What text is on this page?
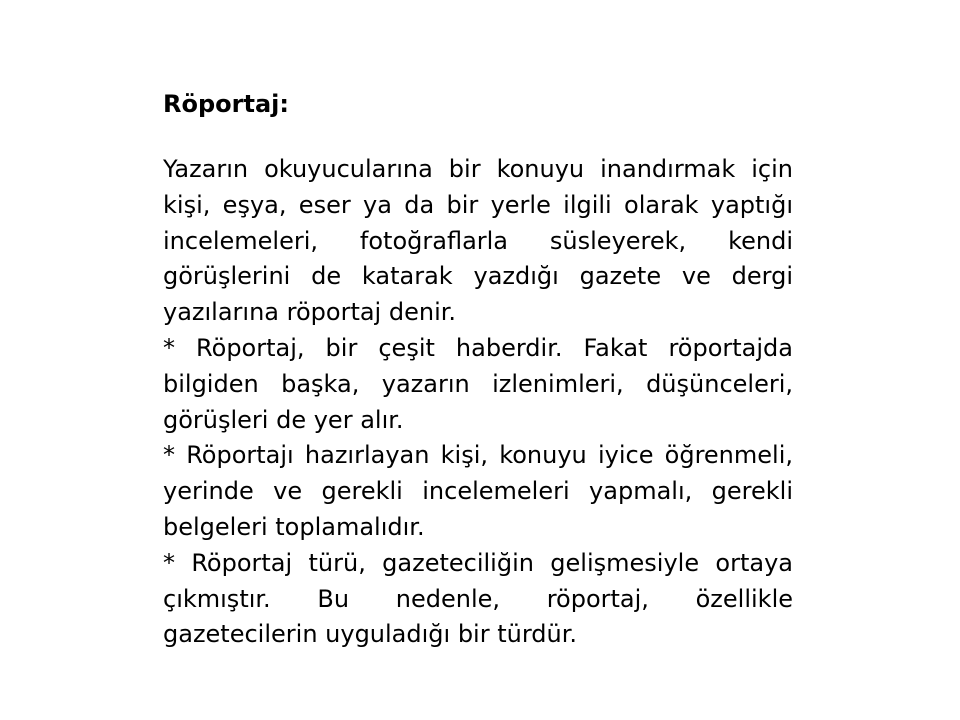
Röportaj:

Yazarın okuyucularına bir konuyu inandırmak için kişi, eşya, eser ya da bir yerle ilgili olarak yaptığı incelemeleri, fotoğraflarla süsleyerek, kendi görüşlerini de katarak yazdığı gazete ve dergi yazılarına röportaj denir.

* Röportaj, bir çeşit haberdir. Fakat röportajda bilgiden başka, yazarın izlenimleri, düşünceleri, görüşleri de yer alır.

* Röportajı hazırlayan kişi, konuyu iyice öğrenmeli, yerinde ve gerekli incelemeleri yapmalı, gerekli belgeleri toplamalıdır.

* Röportaj türü, gazeteciliğin gelişmesiyle ortaya çıkmıştır. Bu nedenle, röportaj, özellikle gazetecilerin uyguladığı bir türdür.
